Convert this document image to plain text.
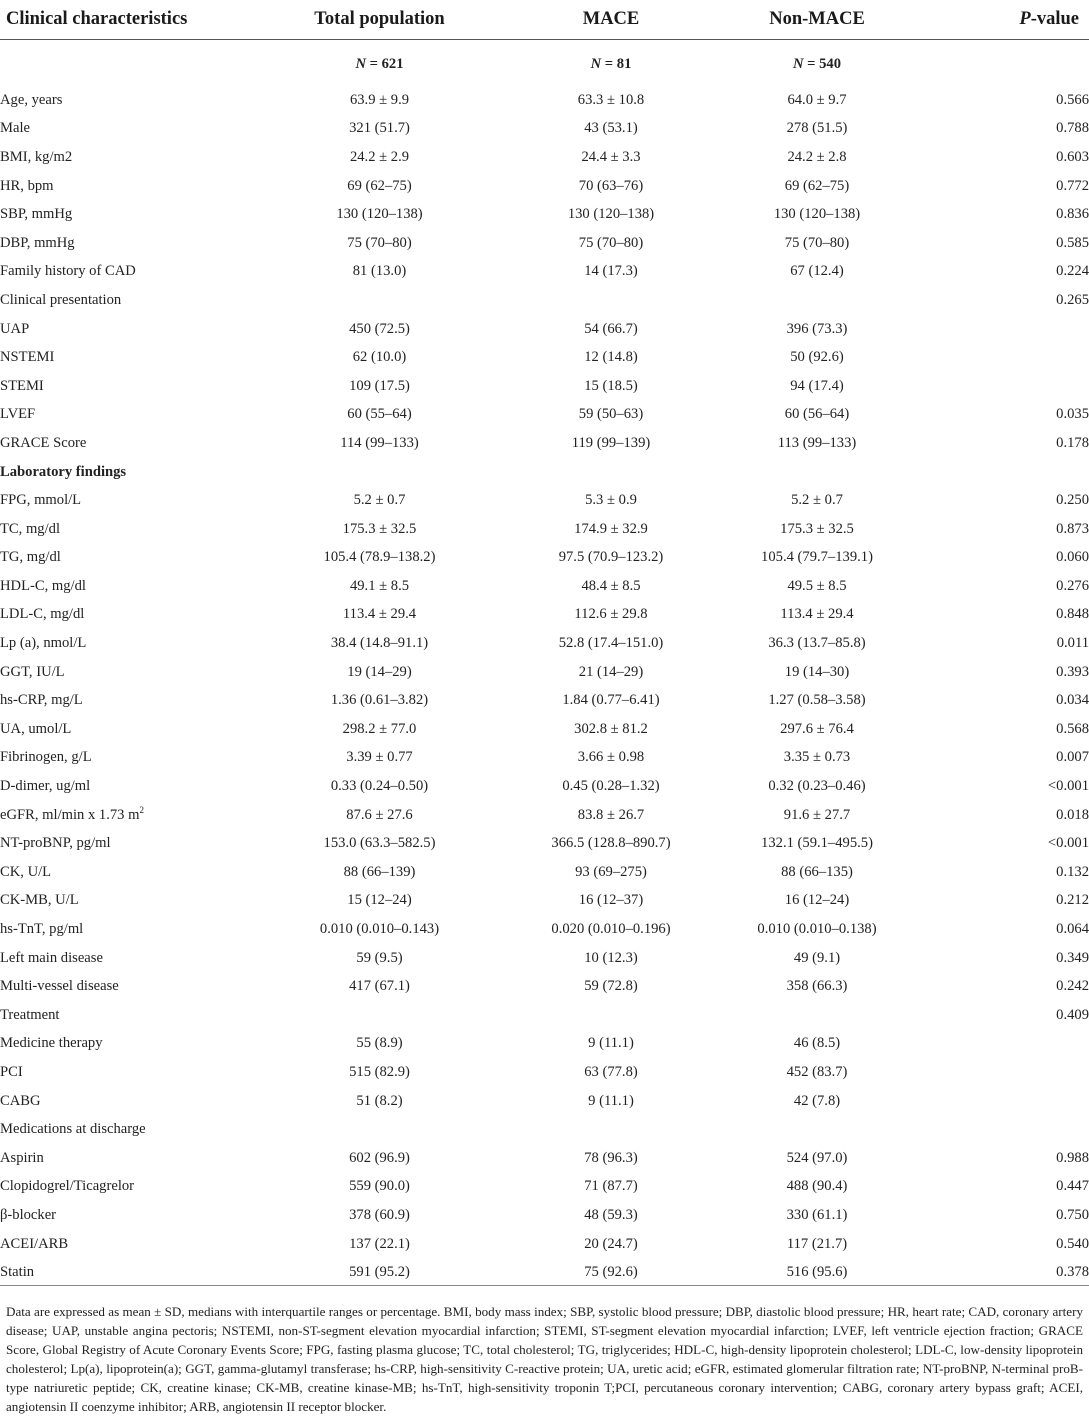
Clinical characteristics	Total population	MACE	Non-MACE	P-value
	N = 621	N = 81	N = 540	
Age, years	63.9 ± 9.9	63.3 ± 10.8	64.0 ± 9.7	0.566
Male	321 (51.7)	43 (53.1)	278 (51.5)	0.788
BMI, kg/m2	24.2 ± 2.9	24.4 ± 3.3	24.2 ± 2.8	0.603
HR, bpm	69 (62–75)	70 (63–76)	69 (62–75)	0.772
SBP, mmHg	130 (120–138)	130 (120–138)	130 (120–138)	0.836
DBP, mmHg	75 (70–80)	75 (70–80)	75 (70–80)	0.585
Family history of CAD	81 (13.0)	14 (17.3)	67 (12.4)	0.224
Clinical presentation				0.265
UAP	450 (72.5)	54 (66.7)	396 (73.3)	
NSTEMI	62 (10.0)	12 (14.8)	50 (92.6)	
STEMI	109 (17.5)	15 (18.5)	94 (17.4)	
LVEF	60 (55–64)	59 (50–63)	60 (56–64)	0.035
GRACE Score	114 (99–133)	119 (99–139)	113 (99–133)	0.178
Laboratory findings				
FPG, mmol/L	5.2 ± 0.7	5.3 ± 0.9	5.2 ± 0.7	0.250
TC, mg/dl	175.3 ± 32.5	174.9 ± 32.9	175.3 ± 32.5	0.873
TG, mg/dl	105.4 (78.9–138.2)	97.5 (70.9–123.2)	105.4 (79.7–139.1)	0.060
HDL-C, mg/dl	49.1 ± 8.5	48.4 ± 8.5	49.5 ± 8.5	0.276
LDL-C, mg/dl	113.4 ± 29.4	112.6 ± 29.8	113.4 ± 29.4	0.848
Lp (a), nmol/L	38.4 (14.8–91.1)	52.8 (17.4–151.0)	36.3 (13.7–85.8)	0.011
GGT, IU/L	19 (14–29)	21 (14–29)	19 (14–30)	0.393
hs-CRP, mg/L	1.36 (0.61–3.82)	1.84 (0.77–6.41)	1.27 (0.58–3.58)	0.034
UA, umol/L	298.2 ± 77.0	302.8 ± 81.2	297.6 ± 76.4	0.568
Fibrinogen, g/L	3.39 ± 0.77	3.66 ± 0.98	3.35 ± 0.73	0.007
D-dimer, ug/ml	0.33 (0.24–0.50)	0.45 (0.28–1.32)	0.32 (0.23–0.46)	<0.001
eGFR, ml/min x 1.73 $m^2$	87.6 ± 27.6	83.8 ± 26.7	91.6 ± 27.7	0.018
NT-proBNP, pg/ml	153.0 (63.3–582.5)	366.5 (128.8–890.7)	132.1 (59.1–495.5)	<0.001
CK, U/L	88 (66–139)	93 (69–275)	88 (66–135)	0.132
CK-MB, U/L	15 (12–24)	16 (12–37)	16 (12–24)	0.212
hs-TnT, pg/ml	0.010 (0.010–0.143)	0.020 (0.010–0.196)	0.010 (0.010–0.138)	0.064
Left main disease	59 (9.5)	10 (12.3)	49 (9.1)	0.349
Multi-vessel disease	417 (67.1)	59 (72.8)	358 (66.3)	0.242
Treatment				0.409
Medicine therapy	55 (8.9)	9 (11.1)	46 (8.5)	
PCI	515 (82.9)	63 (77.8)	452 (83.7)	
CABG	51 (8.2)	9 (11.1)	42 (7.8)	
Medications at discharge				
Aspirin	602 (96.9)	78 (96.3)	524 (97.0)	0.988
Clopidogrel/Ticagrelor	559 (90.0)	71 (87.7)	488 (90.4)	0.447
β-blocker	378 (60.9)	48 (59.3)	330 (61.1)	0.750
ACEI/ARB	137 (22.1)	20 (24.7)	117 (21.7)	0.540
Statin	591 (95.2)	75 (92.6)	516 (95.6)	0.378
Data are expressed as mean ± SD, medians with interquartile ranges or percentage. BMI, body mass index; SBP, systolic blood pressure; DBP, diastolic blood pressure; HR, heart rate; CAD, coronary artery disease; UAP, unstable angina pectoris; NSTEMI, non-ST-segment elevation myocardial infarction; STEMI, ST-segment elevation myocardial infarction; LVEF, left ventricle ejection fraction; GRACE Score, Global Registry of Acute Coronary Events Score; FPG, fasting plasma glucose; TC, total cholesterol; TG, triglycerides; HDL-C, high-density lipoprotein cholesterol; LDL-C, low-density lipoprotein cholesterol; Lp(a), lipoprotein(a); GGT, gamma-glutamyl transferase; hs-CRP, high-sensitivity C-reactive protein; UA, uretic acid; eGFR, estimated glomerular filtration rate; NT-proBNP, N-terminal proB-type natriuretic peptide; CK, creatine kinase; CK-MB, creatine kinase-MB; hs-TnT, high-sensitivity troponin T;PCI, percutaneous coronary intervention; CABG, coronary artery bypass graft; ACEI, angiotensin II coenzyme inhibitor; ARB, angiotensin II receptor blocker.
